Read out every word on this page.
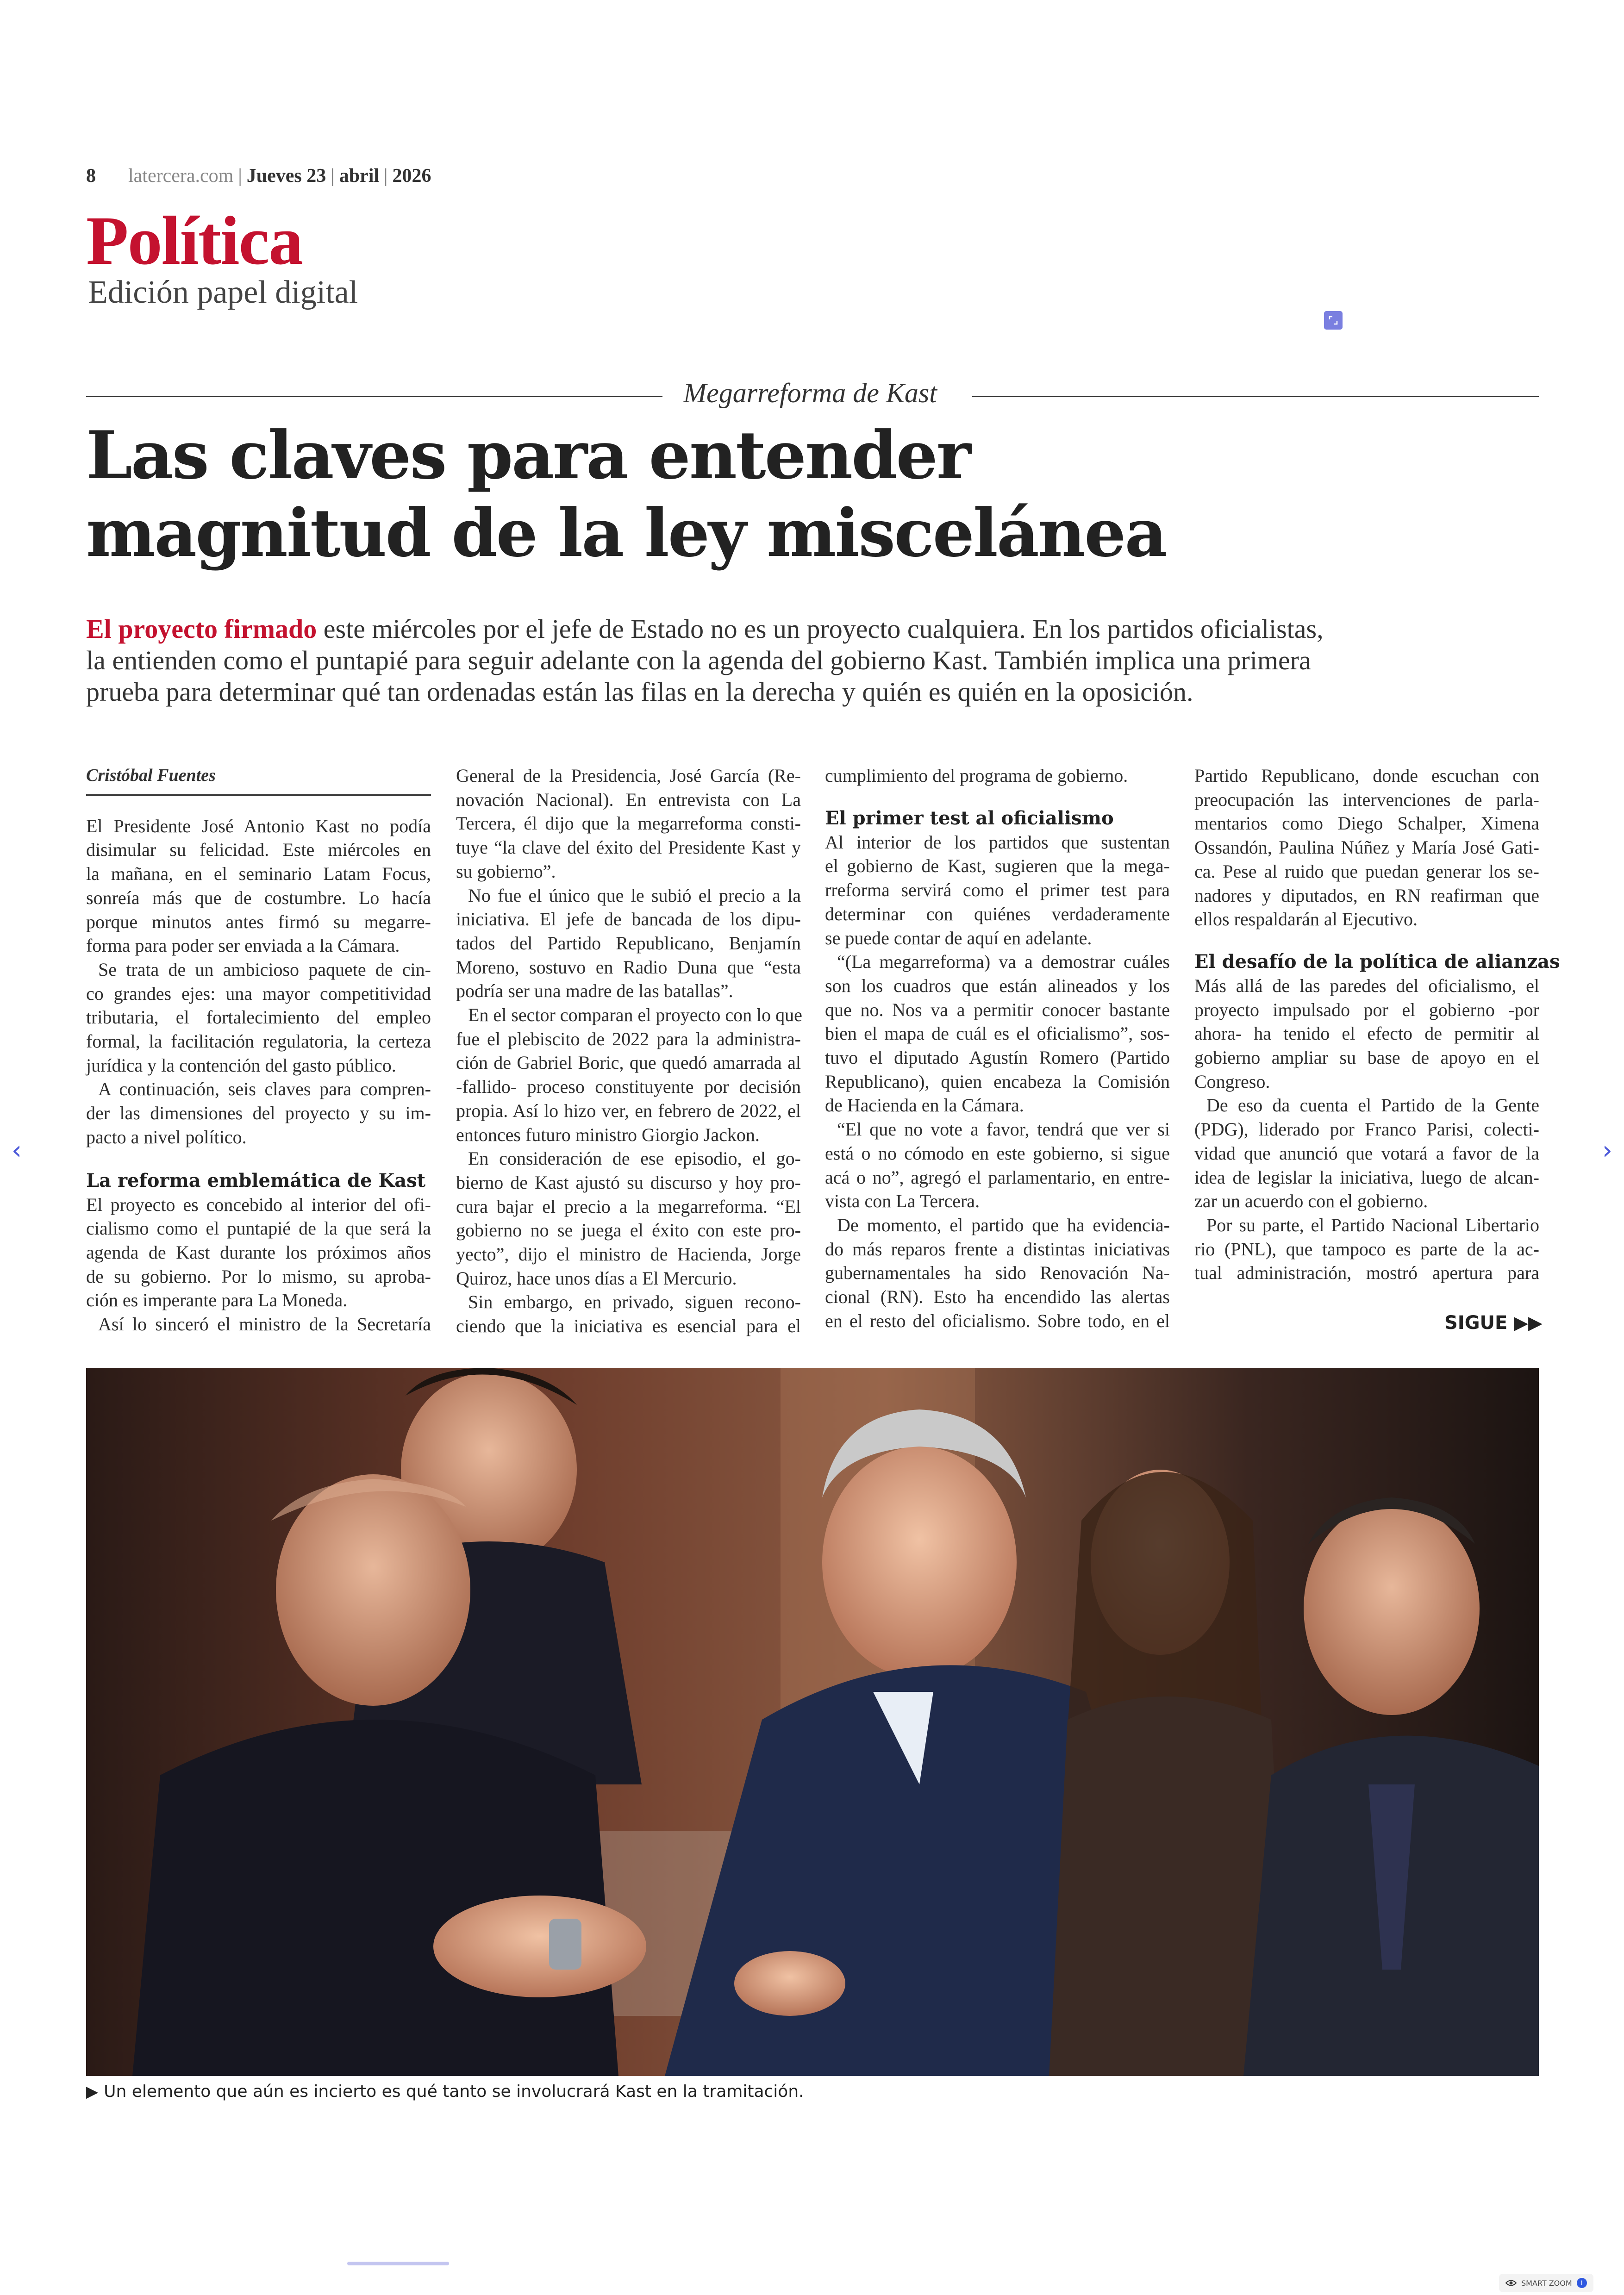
8 latercera.com | Jueves 23 | abril | 2026
Política
Edición papel digital
Megarreforma de Kast
Las claves para entender
magnitud de la ley miscelánea
El proyecto firmado este miércoles por el jefe de Estado no es un proyecto cualquiera. En los partidos oficialistas,
la entienden como el puntapié para seguir adelante con la agenda del gobierno Kast. También implica una primera
prueba para determinar qué tan ordenadas están las filas en la derecha y quién es quién en la oposición.
Cristóbal Fuentes

El Presidente José Antonio Kast no podía

disimular su felicidad. Este miércoles en

la mañana, en el seminario Latam Focus,

sonreía más que de costumbre. Lo hacía

porque minutos antes firmó su megarre-

forma para poder ser enviada a la Cámara.

Se trata de un ambicioso paquete de cin-

co grandes ejes: una mayor competitividad

tributaria, el fortalecimiento del empleo

formal, la facilitación regulatoria, la certeza

jurídica y la contención del gasto público.

A continuación, seis claves para compren-

der las dimensiones del proyecto y su im-

pacto a nivel político.

La reforma emblemática de Kast

El proyecto es concebido al interior del ofi-

cialismo como el puntapié de la que será la

agenda de Kast durante los próximos años

de su gobierno. Por lo mismo, su aproba-

ción es imperante para La Moneda.

Así lo sinceró el ministro de la Secretaría

General de la Presidencia, José García (Re-

novación Nacional). En entrevista con La

Tercera, él dijo que la megarreforma consti-

tuye “la clave del éxito del Presidente Kast y

su gobierno”.

No fue el único que le subió el precio a la

iniciativa. El jefe de bancada de los dipu-

tados del Partido Republicano, Benjamín

Moreno, sostuvo en Radio Duna que “esta

podría ser una madre de las batallas”.

En el sector comparan el proyecto con lo que

fue el plebiscito de 2022 para la administra-

ción de Gabriel Boric, que quedó amarrada al

-fallido- proceso constituyente por decisión

propia. Así lo hizo ver, en febrero de 2022, el

entonces futuro ministro Giorgio Jackon.

En consideración de ese episodio, el go-

bierno de Kast ajustó su discurso y hoy pro-

cura bajar el precio a la megarreforma. “El

gobierno no se juega el éxito con este pro-

yecto”, dijo el ministro de Hacienda, Jorge

Quiroz, hace unos días a El Mercurio.

Sin embargo, en privado, siguen recono-

ciendo que la iniciativa es esencial para el

cumplimiento del programa de gobierno.

El primer test al oficialismo

Al interior de los partidos que sustentan

el gobierno de Kast, sugieren que la mega-

rreforma servirá como el primer test para

determinar con quiénes verdaderamente

se puede contar de aquí en adelante.

“(La megarreforma) va a demostrar cuáles

son los cuadros que están alineados y los

que no. Nos va a permitir conocer bastante

bien el mapa de cuál es el oficialismo”, sos-

tuvo el diputado Agustín Romero (Partido

Republicano), quien encabeza la Comisión

de Hacienda en la Cámara.

“El que no vote a favor, tendrá que ver si

está o no cómodo en este gobierno, si sigue

acá o no”, agregó el parlamentario, en entre-

vista con La Tercera.

De momento, el partido que ha evidencia-

do más reparos frente a distintas iniciativas

gubernamentales ha sido Renovación Na-

cional (RN). Esto ha encendido las alertas

en el resto del oficialismo. Sobre todo, en el

Partido Republicano, donde escuchan con

preocupación las intervenciones de parla-

mentarios como Diego Schalper, Ximena

Ossandón, Paulina Núñez y María José Gati-

ca. Pese al ruido que puedan generar los se-

nadores y diputados, en RN reafirman que

ellos respaldarán al Ejecutivo.

El desafío de la política de alianzas

Más allá de las paredes del oficialismo, el

proyecto impulsado por el gobierno -por

ahora- ha tenido el efecto de permitir al

gobierno ampliar su base de apoyo en el

Congreso.

De eso da cuenta el Partido de la Gente

(PDG), liderado por Franco Parisi, colecti-

vidad que anunció que votará a favor de la

idea de legislar la iniciativa, luego de alcan-

zar un acuerdo con el gobierno.

Por su parte, el Partido Nacional Libertario

rio (PNL), que tampoco es parte de la ac-

tual administración, mostró apertura para

SIGUE ▶▶
▶ Un elemento que aún es incierto es qué tanto se involucrará Kast en la tramitación.
‹	›
SMART ZOOM	i
